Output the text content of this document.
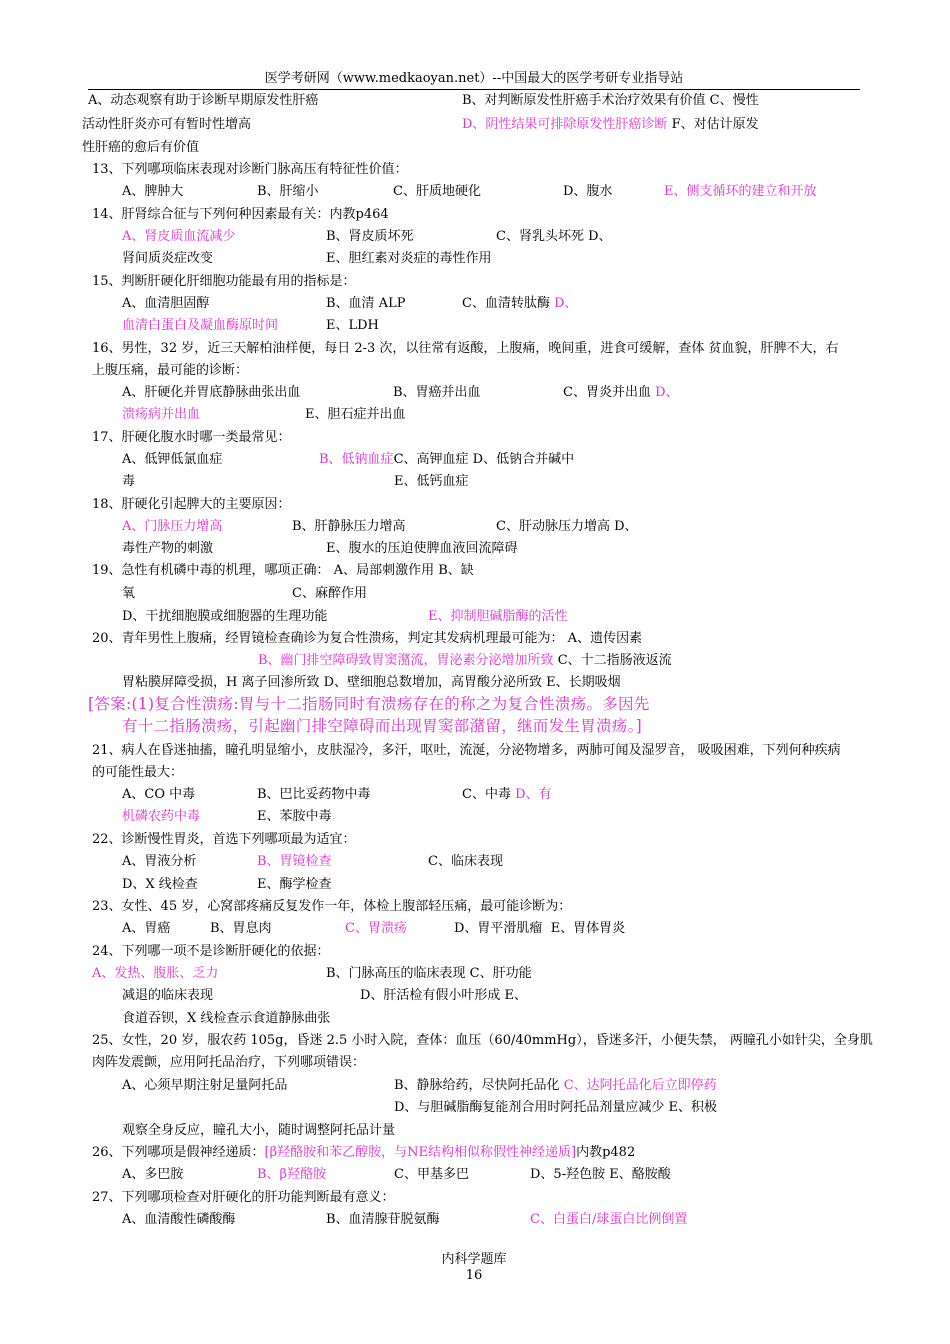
医学考研网（www.medkaoyan.net）--中国最大的医学考研专业指导站
A、动态观察有助于诊断早期原发性肝癌	B、对判断原发性肝癌手术治疗效果有价值 C、慢性
活动性肝炎亦可有暂时性增高	D、阴性结果可排除原发性肝癌诊断 F、对估计原发
性肝癌的愈后有价值
13、下列哪项临床表现对诊断门脉高压有特征性价值：
A、脾肿大	B、肝缩小	C、肝质地硬化	D、腹水	E、侧支循环的建立和开放
14、肝肾综合征与下列何种因素最有关：内教p464
A、肾皮质血流减少	B、肾皮质坏死	C、肾乳头坏死 D、
肾间质炎症改变	E、胆红素对炎症的毒性作用
15、判断肝硬化肝细胞功能最有用的指标是：
A、血清胆固醇	B、血清 ALP	C、血清转肽酶 D、
血清白蛋白及凝血酶原时间	E、LDH
16、男性，32 岁，近三天解柏油样便，每日 2-3 次，以往常有返酸，上腹痛，晚间重，进食可缓解，查体 贫血貌，肝脾不大，右
上腹压痛，最可能的诊断：
A、肝硬化并胃底静脉曲张出血	B、胃癌并出血	C、胃炎并出血 D、
溃疡病并出血	E、胆石症并出血
17、肝硬化腹水时哪一类最常见：
A、低钾低氯血症	B、低钠血症C、高钾血症 D、低钠合并碱中
毒	E、低钙血症
18、肝硬化引起脾大的主要原因：
A、门脉压力增高	B、肝静脉压力增高	C、肝动脉压力增高 D、
毒性产物的刺激	E、腹水的压迫使脾血液回流障碍
19、急性有机磷中毒的机理，哪项正确： A、局部刺激作用 B、缺
氧	C、麻醉作用
D、干扰细胞膜或细胞器的生理功能	E、抑制胆碱脂酶的活性
20、青年男性上腹痛，经胃镜检查确诊为复合性溃疡，判定其发病机理最可能为： A、遗传因素
B、幽门排空障碍致胃窦潴流，胃泌素分泌增加所致 C、十二指肠液返流
胃粘膜屏障受损，H 离子回渗所致 D、壁细胞总数增加，高胃酸分泌所致 E、长期吸烟
[答案:(1)复合性溃疡:胃与十二指肠同时有溃疡存在的称之为复合性溃疡。多因先
有十二指肠溃疡，引起幽门排空障碍而出现胃窦部潴留，继而发生胃溃疡。]
21、病人在昏迷抽搐，瞳孔明显缩小，皮肤湿冷，多汗，呕吐，流涎，分泌物增多，两肺可闻及湿罗音， 吸吸困难，下列何种疾病
的可能性最大：
A、CO 中毒	B、巴比妥药物中毒	C、中毒 D、有
机磷农药中毒	E、苯胺中毒
22、诊断慢性胃炎，首选下列哪项最为适宜：
A、胃液分析	B、胃镜检查	C、临床表现
D、X 线检查	E、酶学检查
23、女性、45 岁，心窝部疼痛反复发作一年，体检上腹部轻压痛，最可能诊断为：
A、胃癌	B、胃息肉	C、胃溃疡	D、胃平滑肌瘤  E、胃体胃炎
24、下列哪一项不是诊断肝硬化的依据：
A、发热、腹胀、乏力	B、门脉高压的临床表现 C、肝功能
减退的临床表现	D、肝活检有假小叶形成 E、
食道吞钡，X 线检查示食道静脉曲张
25、女性，20 岁，服农药 105g，昏迷 2.5 小时入院，查体：血压（60/40mmHg），昏迷多汗，小便失禁， 两瞳孔小如针尖，全身肌
肉阵发震颤，应用阿托品治疗，下列哪项错误：
A、心须早期注射足量阿托品	B、静脉给药，尽快阿托品化 C、达阿托品化后立即停药
D、与胆碱脂酶复能剂合用时阿托品剂量应减少 E、积极
观察全身反应，瞳孔大小，随时调整阿托品计量
26、下列哪项是假神经递质：[β羟酪胺和苯乙醇胺，与NE结构相似称假性神经递质]内教p482
A、多巴胺	B、β羟酪胺	C、甲基多巴	D、5-羟色胺 E、酪胺酸
27、下列哪项检查对肝硬化的肝功能判断最有意义：
A、血清酸性磷酸酶	B、血清腺苷脱氨酶	C、白蛋白/球蛋白比例倒置
内科学题库
16
